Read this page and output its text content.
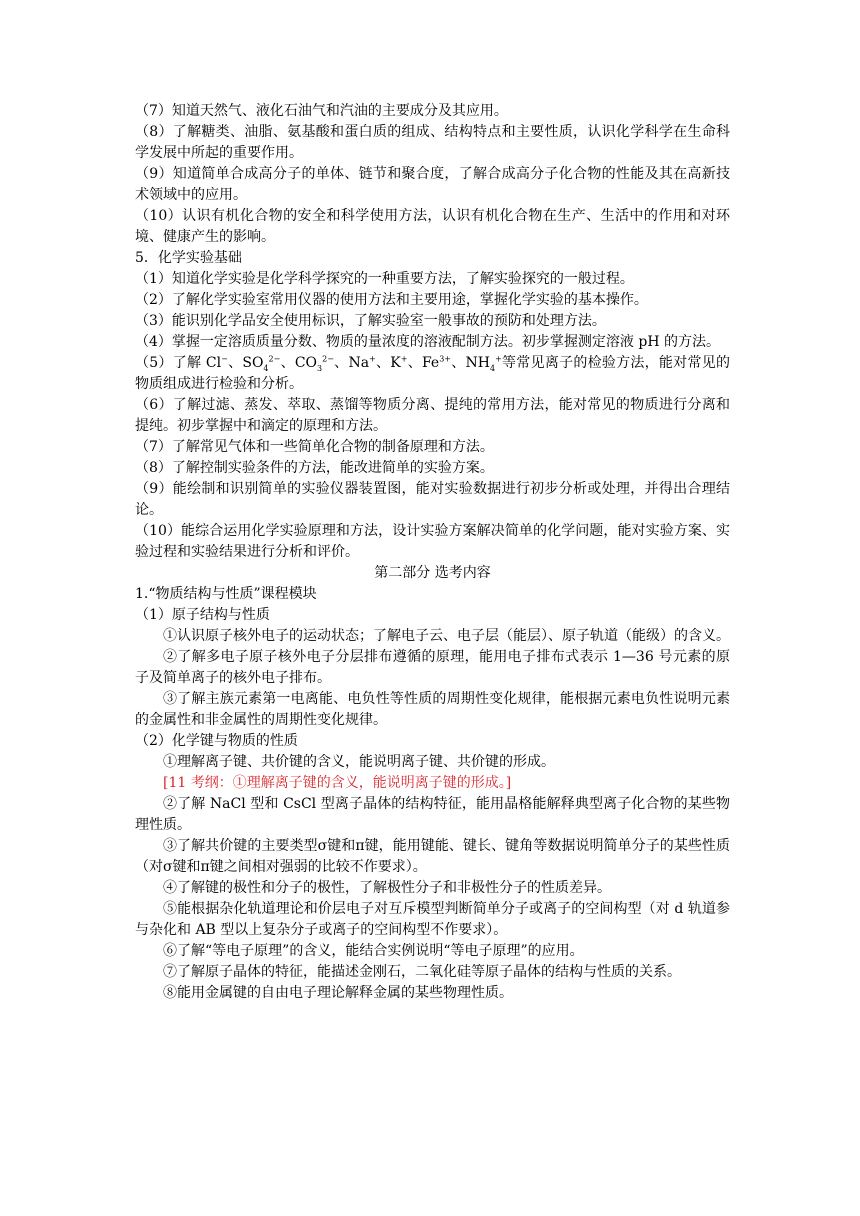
（7）知道天然气、液化石油气和汽油的主要成分及其应用。

（8）了解糖类、油脂、氨基酸和蛋白质的组成、结构特点和主要性质，认识化学科学在生命科学发展中所起的重要作用。

（9）知道简单合成高分子的单体、链节和聚合度，了解合成高分子化合物的性能及其在高新技术领域中的应用。

（10）认识有机化合物的安全和科学使用方法，认识有机化合物在生产、生活中的作用和对环境、健康产生的影响。

5．化学实验基础

（1）知道化学实验是化学科学探究的一种重要方法，了解实验探究的一般过程。

（2）了解化学实验室常用仪器的使用方法和主要用途，掌握化学实验的基本操作。

（3）能识别化学品安全使用标识，了解实验室一般事故的预防和处理方法。

（4）掌握一定溶质质量分数、物质的量浓度的溶液配制方法。初步掌握测定溶液 pH 的方法。

（5）了解 Cl−、$SO_4^{2-}$、$CO_3^{2-}$、Na+、K+、$Fe^{3+}$、$NH_4^+$等常见离子的检验方法，能对常见的物质组成进行检验和分析。

（6）了解过滤、蒸发、萃取、蒸馏等物质分离、提纯的常用方法，能对常见的物质进行分离和提纯。初步掌握中和滴定的原理和方法。

（7）了解常见气体和一些简单化合物的制备原理和方法。

（8）了解控制实验条件的方法，能改进简单的实验方案。

（9）能绘制和识别简单的实验仪器装置图，能对实验数据进行初步分析或处理，并得出合理结论。

（10）能综合运用化学实验原理和方法，设计实验方案解决简单的化学问题，能对实验方案、实验过程和实验结果进行分析和评价。

第二部分 选考内容

1.“物质结构与性质”课程模块

（1）原子结构与性质

①认识原子核外电子的运动状态；了解电子云、电子层（能层）、原子轨道（能级）的含义。

②了解多电子原子核外电子分层排布遵循的原理，能用电子排布式表示 1—36 号元素的原子及简单离子的核外电子排布。

③了解主族元素第一电离能、电负性等性质的周期性变化规律，能根据元素电负性说明元素的金属性和非金属性的周期性变化规律。

（2）化学键与物质的性质

①理解离子键、共价键的含义，能说明离子键、共价键的形成。

[11 考纲：①理解离子键的含义，能说明离子键的形成。]

②了解 NaCl 型和 CsCl 型离子晶体的结构特征，能用晶格能解释典型离子化合物的某些物理性质。

③了解共价键的主要类型σ键和π键，能用键能、键长、键角等数据说明简单分子的某些性质（对σ键和π键之间相对强弱的比较不作要求）。

④了解键的极性和分子的极性，了解极性分子和非极性分子的性质差异。

⑤能根据杂化轨道理论和价层电子对互斥模型判断简单分子或离子的空间构型（对 d 轨道参与杂化和 AB 型以上复杂分子或离子的空间构型不作要求）。

⑥了解“等电子原理”的含义，能结合实例说明“等电子原理”的应用。

⑦了解原子晶体的特征，能描述金刚石，二氧化硅等原子晶体的结构与性质的关系。

⑧能用金属键的自由电子理论解释金属的某些物理性质。
